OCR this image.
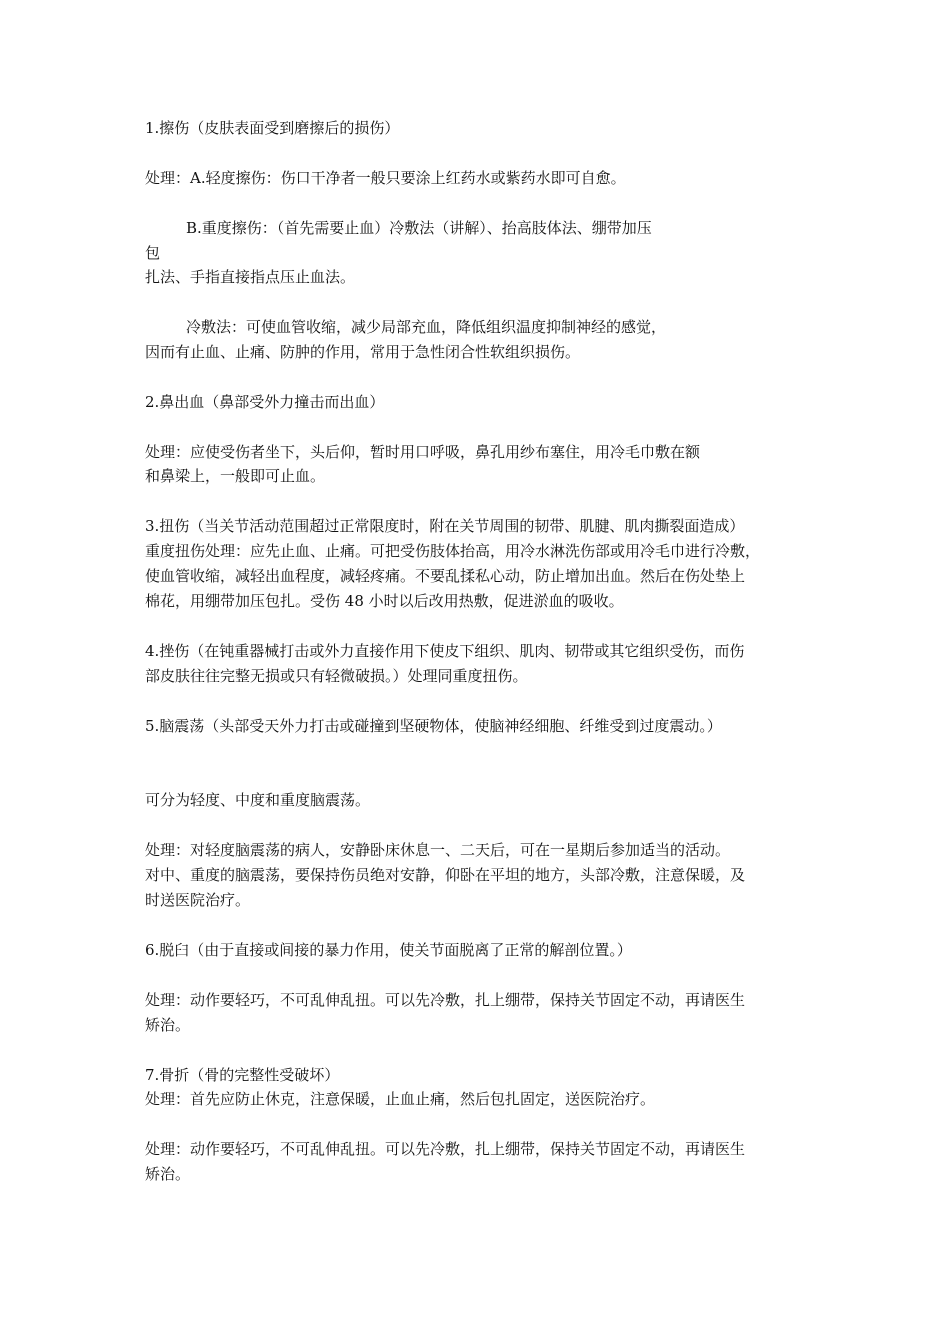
1.擦伤（皮肤表面受到磨擦后的损伤）
处理：A.轻度擦伤：伤口干净者一般只要涂上红药水或紫药水即可自愈。
B.重度擦伤：（首先需要止血）冷敷法（讲解）、抬高肢体法、绷带加压
包
扎法、手指直接指点压止血法。
冷敷法：可使血管收缩，减少局部充血，降低组织温度抑制神经的感觉，
因而有止血、止痛、防肿的作用，常用于急性闭合性软组织损伤。
2.鼻出血（鼻部受外力撞击而出血）
处理：应使受伤者坐下，头后仰，暂时用口呼吸，鼻孔用纱布塞住，用冷毛巾敷在额
和鼻梁上，一般即可止血。
3.扭伤（当关节活动范围超过正常限度时，附在关节周围的韧带、肌腱、肌肉撕裂面造成）
重度扭伤处理：应先止血、止痛。可把受伤肢体抬高，用冷水淋洗伤部或用冷毛巾进行冷敷，
使血管收缩，减轻出血程度，减轻疼痛。不要乱揉私心动，防止增加出血。然后在伤处垫上
棉花，用绷带加压包扎。受伤 48 小时以后改用热敷，促进淤血的吸收。
4.挫伤（在钝重器械打击或外力直接作用下使皮下组织、肌肉、韧带或其它组织受伤，而伤
部皮肤往往完整无损或只有轻微破损。）处理同重度扭伤。
5.脑震荡（头部受天外力打击或碰撞到坚硬物体，使脑神经细胞、纤维受到过度震动。）
可分为轻度、中度和重度脑震荡。
处理：对轻度脑震荡的病人，安静卧床休息一、二天后，可在一星期后参加适当的活动。
对中、重度的脑震荡，要保持伤员绝对安静，仰卧在平坦的地方，头部冷敷，注意保暖，及
时送医院治疗。
6.脱臼（由于直接或间接的暴力作用，使关节面脱离了正常的解剖位置。）
处理：动作要轻巧，不可乱伸乱扭。可以先冷敷，扎上绷带，保持关节固定不动，再请医生
矫治。
7.骨折（骨的完整性受破坏）
处理：首先应防止休克，注意保暖，止血止痛，然后包扎固定，送医院治疗。
处理：动作要轻巧，不可乱伸乱扭。可以先冷敷，扎上绷带，保持关节固定不动，再请医生
矫治。
